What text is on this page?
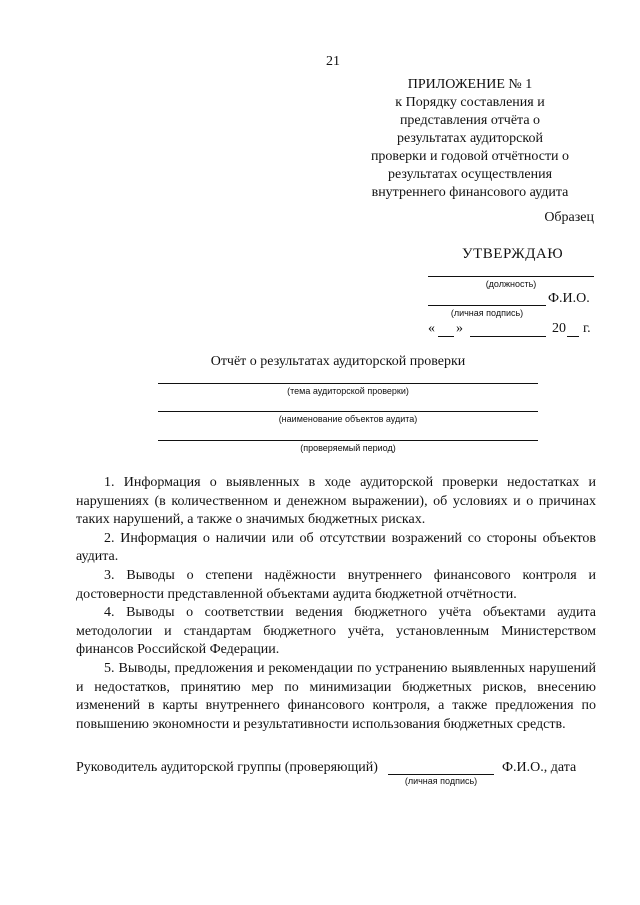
21
ПРИЛОЖЕНИЕ № 1
к Порядку составления и
представления отчёта о
результатах аудиторской
проверки и годовой отчётности о
результатах осуществления
внутреннего финансового аудита
Образец
УТВЕРЖДАЮ
(должность)
Ф.И.О.
(личная подпись)
« »	20 г.
Отчёт о результатах аудиторской проверки
(тема аудиторской проверки)
(наименование объектов аудита)
(проверяемый период)

1. Информация о выявленных в ходе аудиторской проверки недостатках и нарушениях (в количественном и денежном выражении), об условиях и о причинах таких нарушений, а также о значимых бюджетных рисках.

2. Информация о наличии или об отсутствии возражений со стороны объектов аудита.

3. Выводы о степени надёжности внутреннего финансового контроля и достоверности представленной объектами аудита бюджетной отчётности.

4. Выводы о соответствии ведения бюджетного учёта объектами аудита методологии и стандартам бюджетного учёта, установленным Министерством финансов Российской Федерации.

5. Выводы, предложения и рекомендации по устранению выявленных нарушений и недостатков, принятию мер по минимизации бюджетных рисков, внесению изменений в карты внутреннего финансового контроля, а также предложения по повышению экономности и результативности использования бюджетных средств.

Руководитель аудиторской группы (проверяющий)	Ф.И.О., дата
(личная подпись)
